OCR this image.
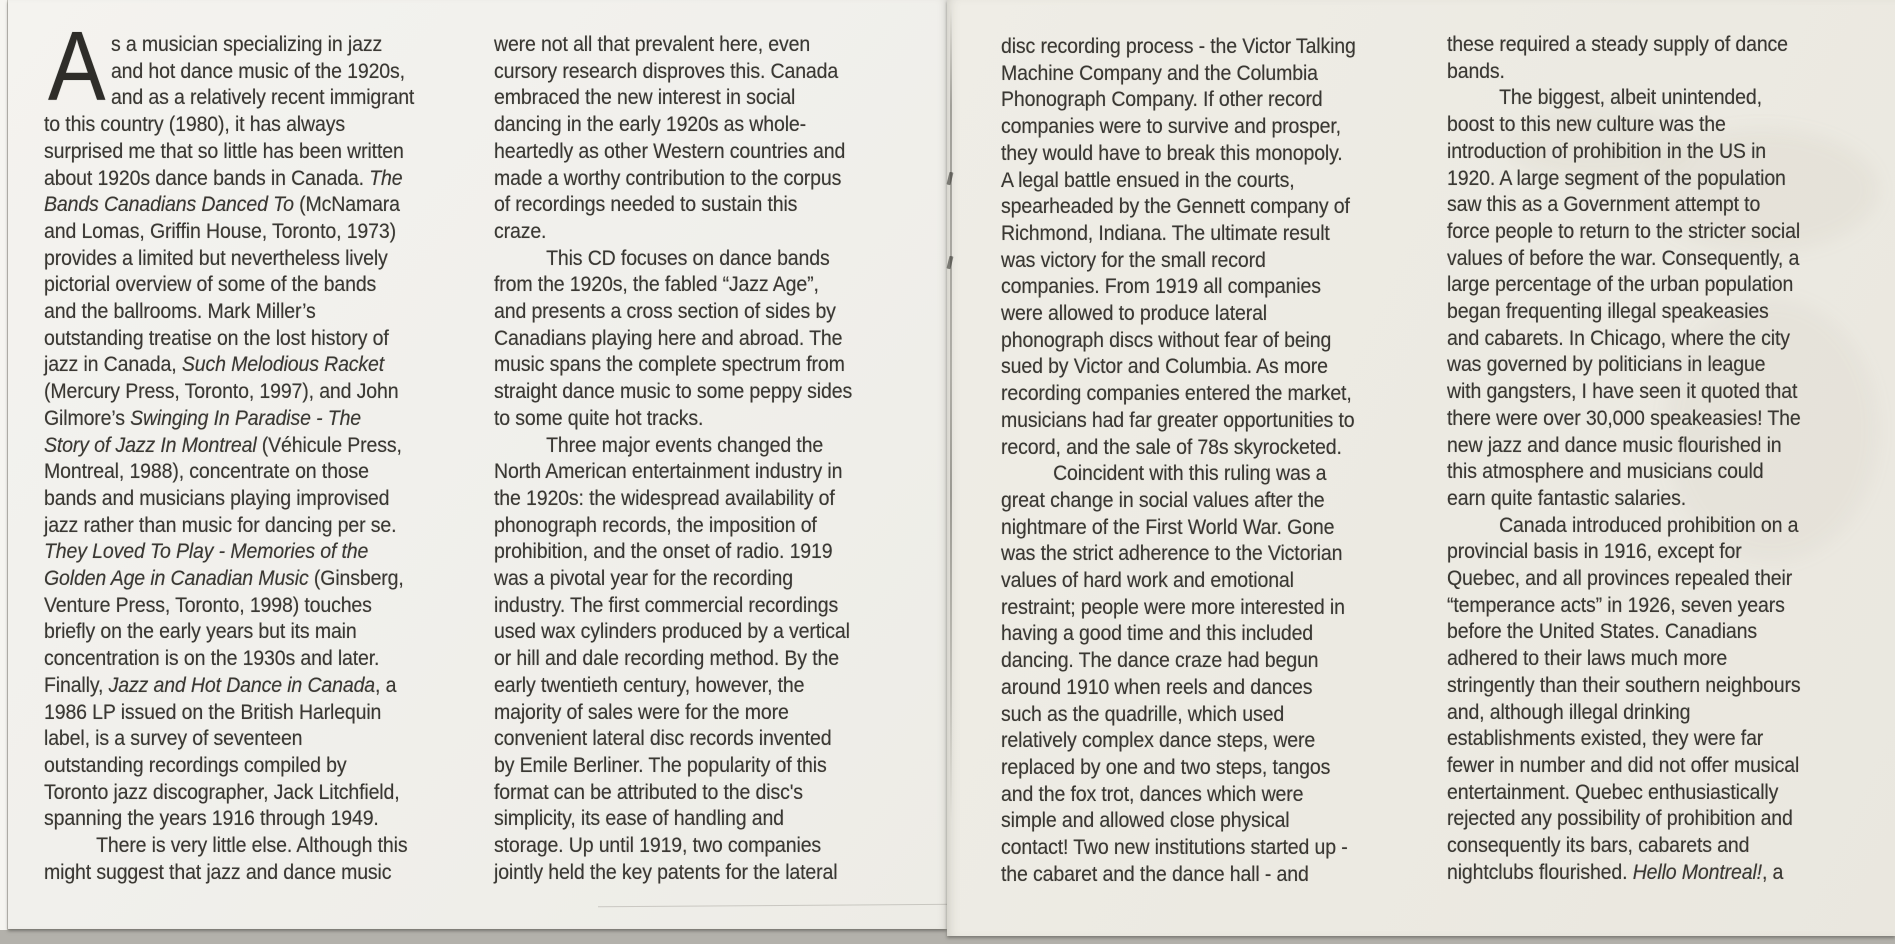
A s a musician specializing in jazz
and hot dance music of the 1920s,
and as a relatively recent immigrant
to this country (1980), it has always
surprised me that so little has been written
about 1920s dance bands in Canada. The
Bands Canadians Danced To (McNamara
and Lomas, Griffin House, Toronto, 1973)
provides a limited but nevertheless lively
pictorial overview of some of the bands
and the ballrooms. Mark Miller’s
outstanding treatise on the lost history of
jazz in Canada, Such Melodious Racket
(Mercury Press, Toronto, 1997), and John
Gilmore’s Swinging In Paradise - The
Story of Jazz In Montreal (Véhicule Press,
Montreal, 1988), concentrate on those
bands and musicians playing improvised
jazz rather than music for dancing per se.
They Loved To Play - Memories of the
Golden Age in Canadian Music (Ginsberg,
Venture Press, Toronto, 1998) touches
briefly on the early years but its main
concentration is on the 1930s and later.
Finally, Jazz and Hot Dance in Canada, a
1986 LP issued on the British Harlequin
label, is a survey of seventeen
outstanding recordings compiled by
Toronto jazz discographer, Jack Litchfield,
spanning the years 1916 through 1949.
There is very little else. Although this
might suggest that jazz and dance music
were not all that prevalent here, even
cursory research disproves this. Canada
embraced the new interest in social
dancing in the early 1920s as whole-
heartedly as other Western countries and
made a worthy contribution to the corpus
of recordings needed to sustain this
craze.
This CD focuses on dance bands
from the 1920s, the fabled “Jazz Age”,
and presents a cross section of sides by
Canadians playing here and abroad. The
music spans the complete spectrum from
straight dance music to some peppy sides
to some quite hot tracks.
Three major events changed the
North American entertainment industry in
the 1920s: the widespread availability of
phonograph records, the imposition of
prohibition, and the onset of radio. 1919
was a pivotal year for the recording
industry. The first commercial recordings
used wax cylinders produced by a vertical
or hill and dale recording method. By the
early twentieth century, however, the
majority of sales were for the more
convenient lateral disc records invented
by Emile Berliner. The popularity of this
format can be attributed to the disc's
simplicity, its ease of handling and
storage. Up until 1919, two companies
jointly held the key patents for the lateral
disc recording process - the Victor Talking
Machine Company and the Columbia
Phonograph Company. If other record
companies were to survive and prosper,
they would have to break this monopoly.
A legal battle ensued in the courts,
spearheaded by the Gennett company of
Richmond, Indiana. The ultimate result
was victory for the small record
companies. From 1919 all companies
were allowed to produce lateral
phonograph discs without fear of being
sued by Victor and Columbia. As more
recording companies entered the market,
musicians had far greater opportunities to
record, and the sale of 78s skyrocketed.
Coincident with this ruling was a
great change in social values after the
nightmare of the First World War. Gone
was the strict adherence to the Victorian
values of hard work and emotional
restraint; people were more interested in
having a good time and this included
dancing. The dance craze had begun
around 1910 when reels and dances
such as the quadrille, which used
relatively complex dance steps, were
replaced by one and two steps, tangos
and the fox trot, dances which were
simple and allowed close physical
contact! Two new institutions started up -
the cabaret and the dance hall - and
these required a steady supply of dance
bands.
The biggest, albeit unintended,
boost to this new culture was the
introduction of prohibition in the US in
1920. A large segment of the population
saw this as a Government attempt to
force people to return to the stricter social
values of before the war. Consequently, a
large percentage of the urban population
began frequenting illegal speakeasies
and cabarets. In Chicago, where the city
was governed by politicians in league
with gangsters, I have seen it quoted that
there were over 30,000 speakeasies! The
new jazz and dance music flourished in
this atmosphere and musicians could
earn quite fantastic salaries.
Canada introduced prohibition on a
provincial basis in 1916, except for
Quebec, and all provinces repealed their
“temperance acts” in 1926, seven years
before the United States. Canadians
adhered to their laws much more
stringently than their southern neighbours
and, although illegal drinking
establishments existed, they were far
fewer in number and did not offer musical
entertainment. Quebec enthusiastically
rejected any possibility of prohibition and
consequently its bars, cabarets and
nightclubs flourished. Hello Montreal!, a
